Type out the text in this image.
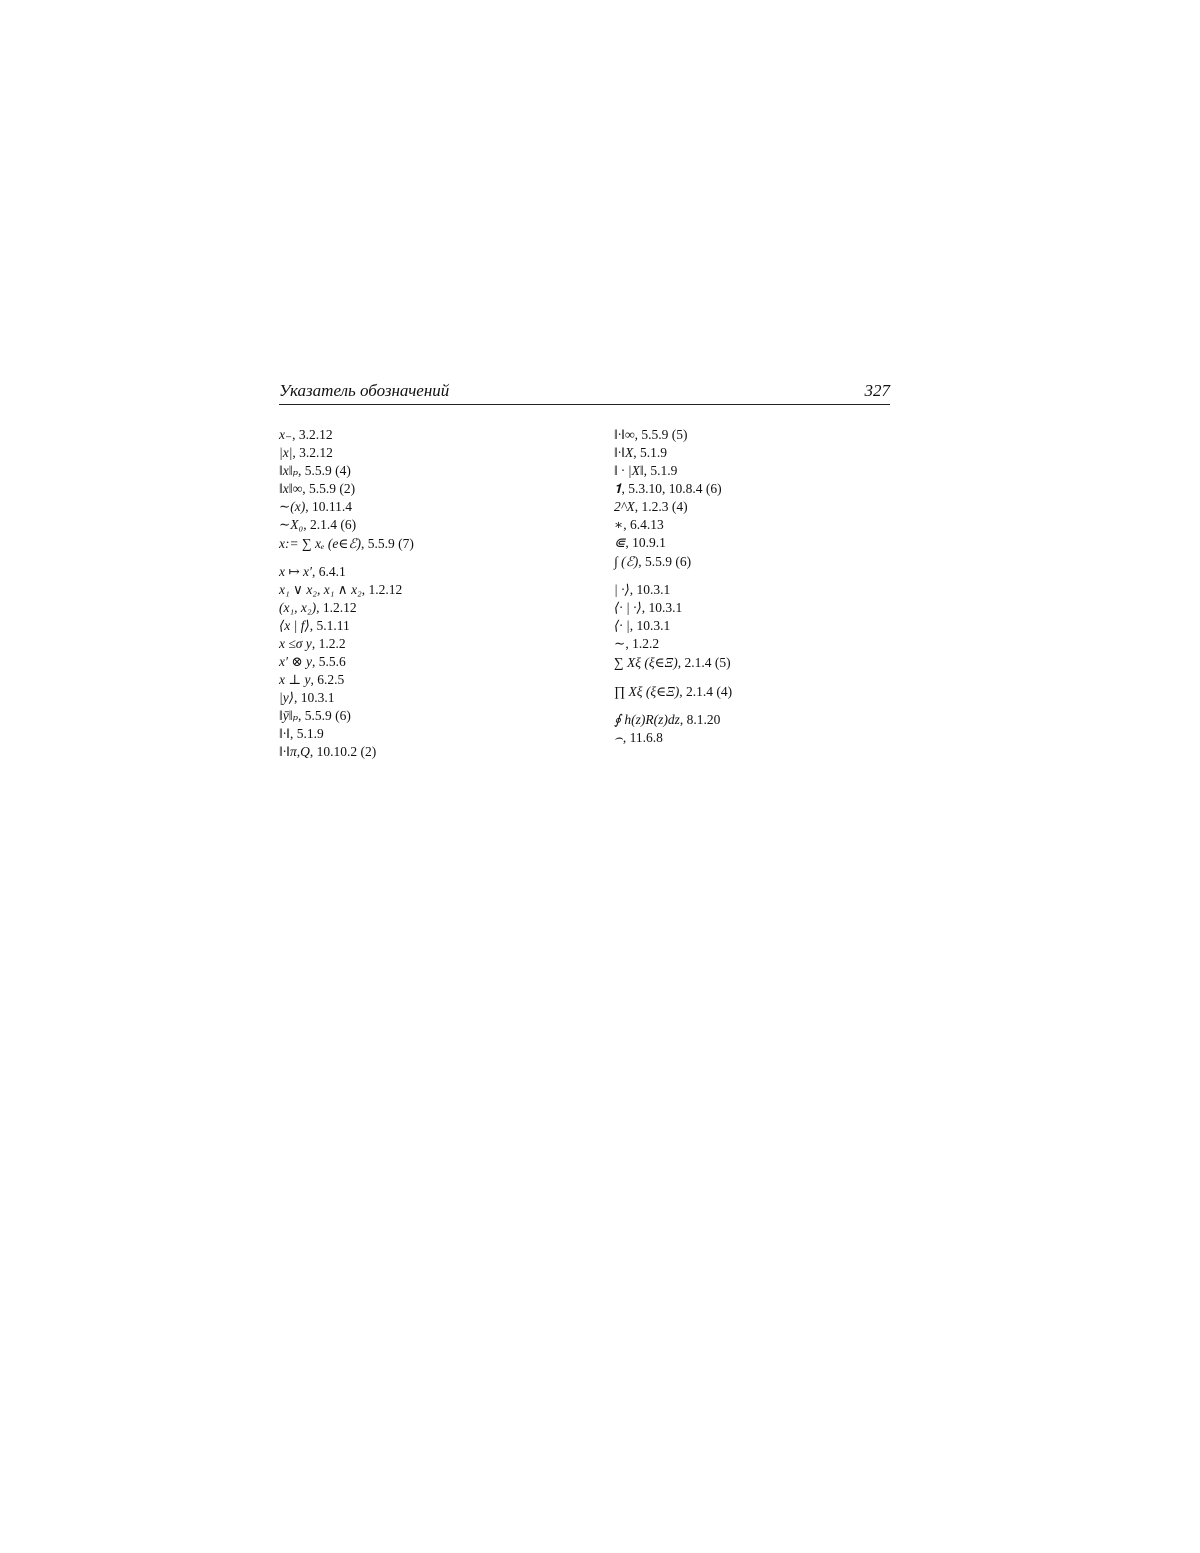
Указатель обозначений	327
x₋, 3.2.12
|x|, 3.2.12
‖x‖ₚ, 5.5.9 (4)
‖x‖∞, 5.5.9 (2)
∼(x), 10.11.4
∼X₀, 2.1.4 (6)
x:= ∑ xₑ (e∈ℰ), 5.5.9 (7)
x ↦ x′, 6.4.1
x₁ ∨ x₂, x₁ ∧ x₂, 1.2.12
(x₁, x₂), 1.2.12
⟨x | f⟩, 5.1.11
x ≤σ y, 1.2.2
x′ ⊗ y, 5.5.6
x ⊥ y, 6.2.5
|y⟩, 10.3.1
‖ȳ‖ₚ, 5.5.9 (6)
‖·‖, 5.1.9
‖·‖π,Q, 10.10.2 (2)
‖·‖∞, 5.5.9 (5)
‖·‖X, 5.1.9
‖ · |X‖, 5.1.9
𝟏, 5.3.10, 10.8.4 (6)
2^X, 1.2.3 (4)
∗, 6.4.13
⋐, 10.9.1
∫ (ℰ), 5.5.9 (6)
| ·⟩, 10.3.1
⟨· | ·⟩, 10.3.1
⟨· |, 10.3.1
∼, 1.2.2
∑ Xξ (ξ∈Ξ), 2.1.4 (5)
∏ Xξ (ξ∈Ξ), 2.1.4 (4)
∮ h(z)R(z)dz, 8.1.20
⌢, 11.6.8
